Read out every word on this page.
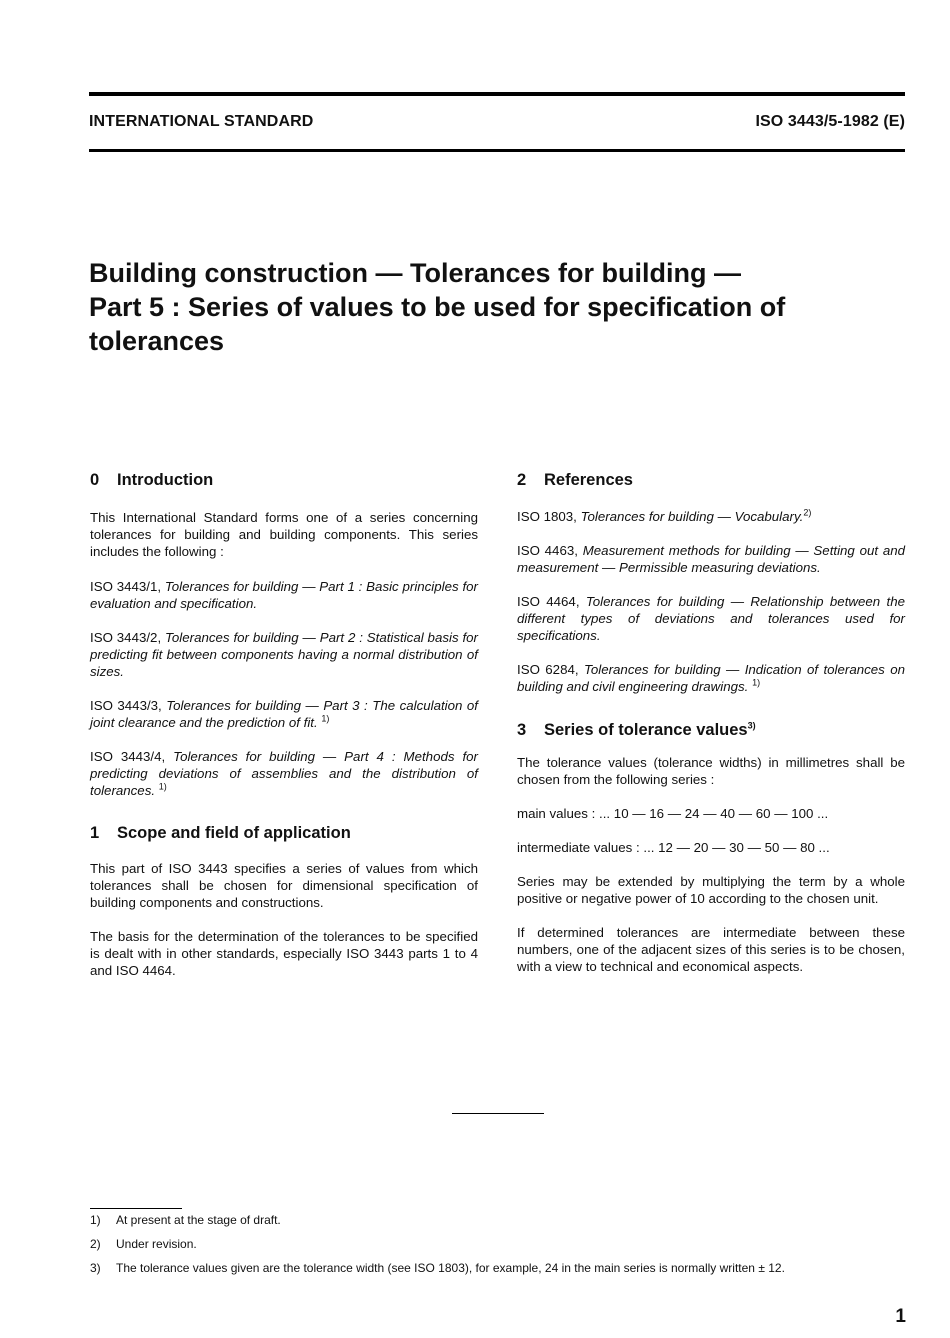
INTERNATIONAL STANDARD	ISO 3443/5-1982 (E)
Building construction — Tolerances for building —
Part 5 : Series of values to be used for specification of
tolerances
0 Introduction

This International Standard forms one of a series concerning tolerances for building and building components. This series includes the following :

ISO 3443/1, Tolerances for building — Part 1 : Basic principles for evaluation and specification.

ISO 3443/2, Tolerances for building — Part 2 : Statistical basis for predicting fit between components having a normal distribution of sizes.

ISO 3443/3, Tolerances for building — Part 3 : The calculation of joint clearance and the prediction of fit. $^{1)}$

ISO 3443/4, Tolerances for building — Part 4 : Methods for predicting deviations of assemblies and the distribution of tolerances. $^{1)}$

1 Scope and field of application

This part of ISO 3443 specifies a series of values from which tolerances shall be chosen for dimensional specification of building components and constructions.

The basis for the determination of the tolerances to be specified is dealt with in other standards, especially ISO 3443 parts 1 to 4 and ISO 4464.

2 References

ISO 1803, Tolerances for building — Vocabulary.$^{2)}$

ISO 4463, Measurement methods for building — Setting out and measurement — Permissible measuring deviations.

ISO 4464, Tolerances for building — Relationship between the different types of deviations and tolerances used for specifications.

ISO 6284, Tolerances for building — Indication of tolerances on building and civil engineering drawings. $^{1)}$

3 Series of tolerance values$^{3)}$

The tolerance values (tolerance widths) in millimetres shall be chosen from the following series :

main values : ... 10 — 16 — 24 — 40 — 60 — 100 ...

intermediate values : ... 12 — 20 — 30 — 50 — 80 ...

Series may be extended by multiplying the term by a whole positive or negative power of 10 according to the chosen unit.

If determined tolerances are intermediate between these numbers, one of the adjacent sizes of this series is to be chosen, with a view to technical and economical aspects.

1) At present at the stage of draft.
2) Under revision.
3) The tolerance values given are the tolerance width (see ISO 1803), for example, 24 in the main series is normally written ± 12.
1
